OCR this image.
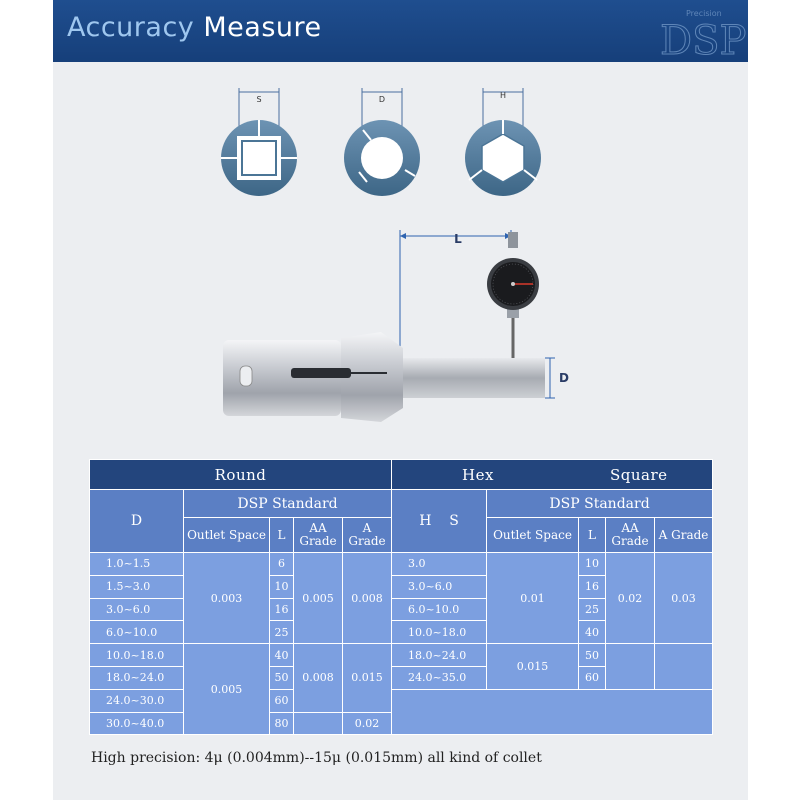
Accuracy Measure	Precision
DSP
S	D	H
L
D
Round					Hex Square				

D	DSP Standard				H    S	DSP Standard			
	Outlet Space	L	AA Grade	A Grade		Outlet Space	L	AA Grade	A Grade
1.0~1.5	0.003	6	0.005	0.008	3.0	0.01	10	0.02	0.03
1.5~3.0		10			3.0~6.0		16		
3.0~6.0		16			6.0~10.0		25		
6.0~10.0		25			10.0~18.0		40		
10.0~18.0	0.005	40	0.008	0.015	18.0~24.0	0.015	50		
18.0~24.0		50			24.0~35.0		60		
24.0~30.0		60							
30.0~40.0		80		0.02					
High precision: 4μ (0.004mm)--15μ (0.015mm) all kind of collet
